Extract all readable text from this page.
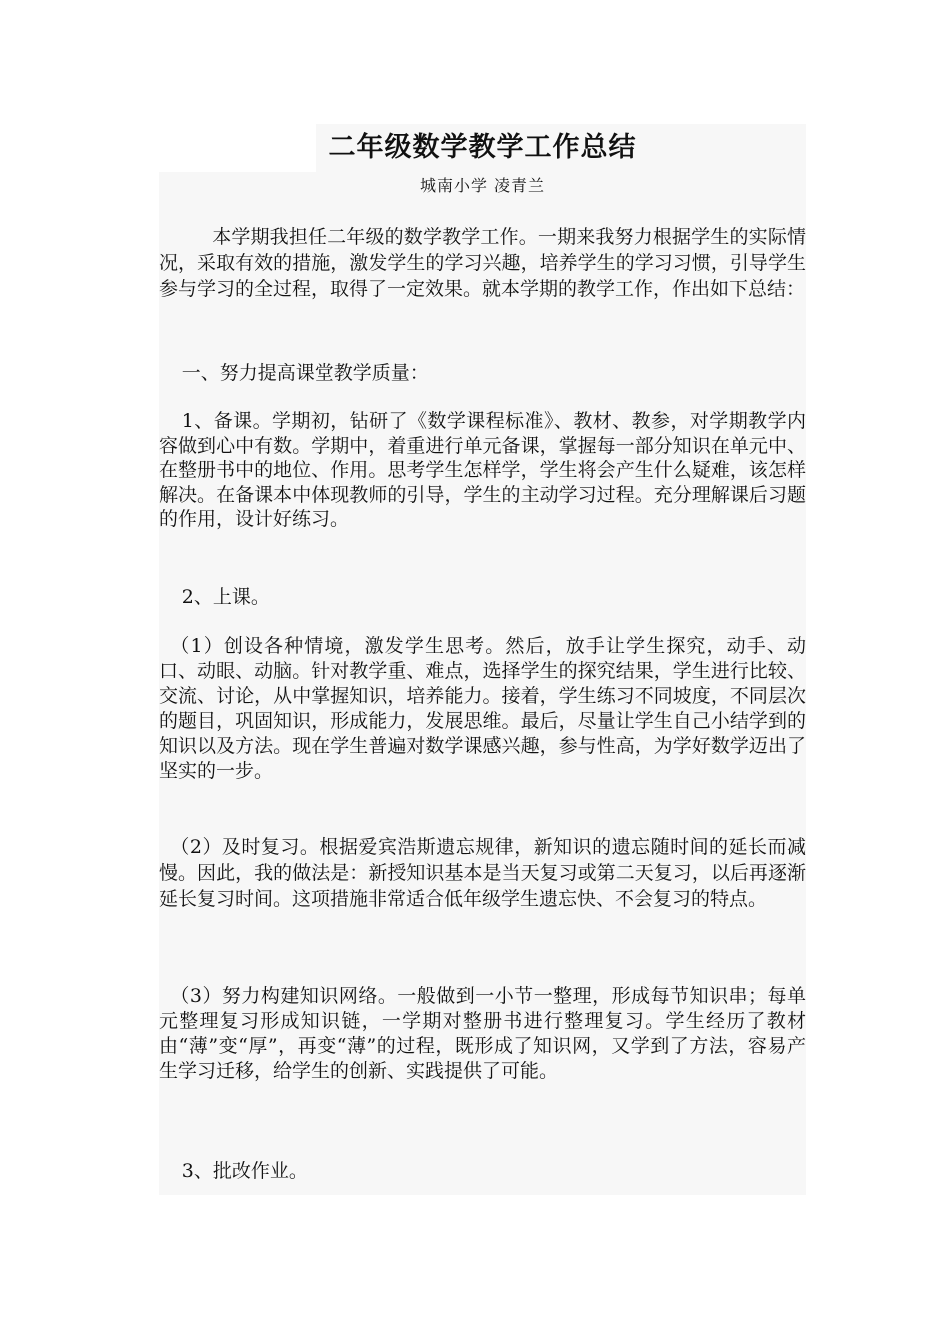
二年级数学教学工作总结

城南小学 凌青兰

本学期我担任二年级的数学教学工作。一期来我努力根据学生的实际情况，采取有效的措施，激发学生的学习兴趣，培养学生的学习习惯，引导学生参与学习的全过程，取得了一定效果。就本学期的教学工作，作出如下总结：

一、努力提高课堂教学质量：

1、备课。学期初，钻研了《数学课程标准》、教材、教参，对学期教学内容做到心中有数。学期中，着重进行单元备课，掌握每一部分知识在单元中、在整册书中的地位、作用。思考学生怎样学，学生将会产生什么疑难，该怎样解决。在备课本中体现教师的引导，学生的主动学习过程。充分理解课后习题的作用，设计好练习。

2、上课。

（1）创设各种情境，激发学生思考。然后，放手让学生探究，动手、动口、动眼、动脑。针对教学重、难点，选择学生的探究结果，学生进行比较、交流、讨论，从中掌握知识，培养能力。接着，学生练习不同坡度，不同层次的题目，巩固知识，形成能力，发展思维。最后，尽量让学生自己小结学到的知识以及方法。现在学生普遍对数学课感兴趣，参与性高，为学好数学迈出了坚实的一步。

（2）及时复习。根据爱宾浩斯遗忘规律，新知识的遗忘随时间的延长而减慢。因此，我的做法是：新授知识基本是当天复习或第二天复习，以后再逐渐延长复习时间。这项措施非常适合低年级学生遗忘快、不会复习的特点。

（3）努力构建知识网络。一般做到一小节一整理，形成每节知识串；每单元整理复习形成知识链，一学期对整册书进行整理复习。学生经历了教材由“薄”变“厚”，再变“薄”的过程，既形成了知识网，又学到了方法，容易产生学习迁移，给学生的创新、实践提供了可能。

3、批改作业。
